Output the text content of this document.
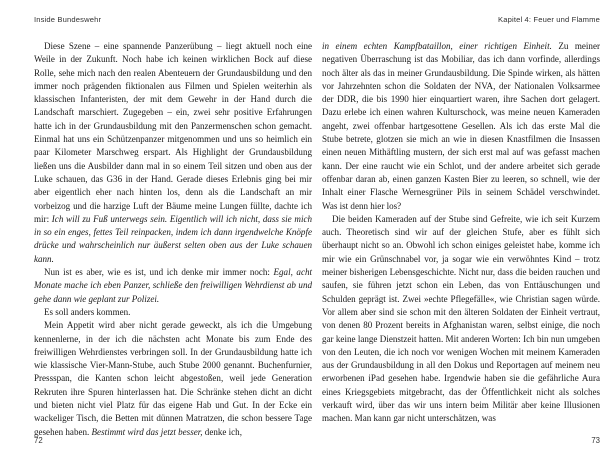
Inside Bundeswehr

Diese Szene – eine spannende Panzerübung – liegt aktuell noch eine Weile in der Zukunft. Noch habe ich keinen wirklichen Bock auf diese Rolle, sehe mich nach den realen Abenteuern der Grundausbildung und den immer noch prägenden fiktionalen aus Filmen und Spielen weiterhin als klassischen Infanteristen, der mit dem Gewehr in der Hand durch die Landschaft marschiert. Zugegeben – ein, zwei sehr positive Erfahrungen hatte ich in der Grundausbildung mit den Panzermenschen schon gemacht. Einmal hat uns ein Schützenpanzer mitgenommen und uns so heimlich ein paar Kilometer Marschweg erspart. Als Highlight der Grundausbildung ließen uns die Ausbilder dann mal in so einem Teil sitzen und oben aus der Luke schauen, das G36 in der Hand. Gerade dieses Erlebnis ging bei mir aber eigentlich eher nach hinten los, denn als die Landschaft an mir vorbeizog und die harzige Luft der Bäume meine Lungen füllte, dachte ich mir: Ich will zu Fuß unterwegs sein. Eigentlich will ich nicht, dass sie mich in so ein enges, fettes Teil reinpacken, indem ich dann irgendwelche Knöpfe drücke und wahrscheinlich nur äußerst selten oben aus der Luke schauen kann.

Nun ist es aber, wie es ist, und ich denke mir immer noch: Egal, acht Monate mache ich eben Panzer, schließe den freiwilligen Wehrdienst ab und gehe dann wie geplant zur Polizei.

Es soll anders kommen.

Mein Appetit wird aber nicht gerade geweckt, als ich die Umgebung kennenlerne, in der ich die nächsten acht Monate bis zum Ende des freiwilligen Wehrdienstes verbringen soll. In der Grundausbildung hatte ich wie klassische Vier-Mann-Stube, auch Stube 2000 genannt. Buchenfurnier, Pressspan, die Kanten schon leicht abgestoßen, weil jede Generation Rekruten ihre Spuren hinterlassen hat. Die Schränke stehen dicht an dicht und bieten nicht viel Platz für das eigene Hab und Gut. In der Ecke ein wackeliger Tisch, die Betten mit dünnen Matratzen, die schon bessere Tage gesehen haben. Bestimmt wird das jetzt besser, denke ich,

72
Kapitel 4: Feuer und Flamme

in einem echten Kampfbataillon, einer richtigen Einheit. Zu meiner negativen Überraschung ist das Mobiliar, das ich dann vorfinde, allerdings noch älter als das in meiner Grundausbildung. Die Spinde wirken, als hätten vor Jahrzehnten schon die Soldaten der NVA, der Nationalen Volksarmee der DDR, die bis 1990 hier einquartiert waren, ihre Sachen dort gelagert. Dazu erlebe ich einen wahren Kulturschock, was meine neuen Kameraden angeht, zwei offenbar hartgesottene Gesellen. Als ich das erste Mal die Stube betrete, glotzen sie mich an wie in diesen Knastfilmen die Insassen einen neuen Mithäftling mustern, der sich erst mal auf was gefasst machen kann. Der eine raucht wie ein Schlot, und der andere arbeitet sich gerade offenbar daran ab, einen ganzen Kasten Bier zu leeren, so schnell, wie der Inhalt einer Flasche Wernesgrüner Pils in seinem Schädel verschwindet. Was ist denn hier los?

Die beiden Kameraden auf der Stube sind Gefreite, wie ich seit Kurzem auch. Theoretisch sind wir auf der gleichen Stufe, aber es fühlt sich überhaupt nicht so an. Obwohl ich schon einiges geleistet habe, komme ich mir wie ein Grünschnabel vor, ja sogar wie ein verwöhntes Kind – trotz meiner bisherigen Lebensgeschichte. Nicht nur, dass die beiden rauchen und saufen, sie führen jetzt schon ein Leben, das von Enttäuschungen und Schulden geprägt ist. Zwei »echte Pflegefälle«, wie Christian sagen würde. Vor allem aber sind sie schon mit den älteren Soldaten der Einheit vertraut, von denen 80 Prozent bereits in Afghanistan waren, selbst einige, die noch gar keine lange Dienstzeit hatten. Mit anderen Worten: Ich bin nun umgeben von den Leuten, die ich noch vor wenigen Wochen mit meinem Kameraden aus der Grundausbildung in all den Dokus und Reportagen auf meinem neu erworbenen iPad gesehen habe. Irgendwie haben sie die gefährliche Aura eines Kriegsgebiets mitgebracht, das der Öffentlichkeit nicht als solches verkauft wird, über das wir uns intern beim Militär aber keine Illusionen machen. Man kann gar nicht unterschätzen, was

73
